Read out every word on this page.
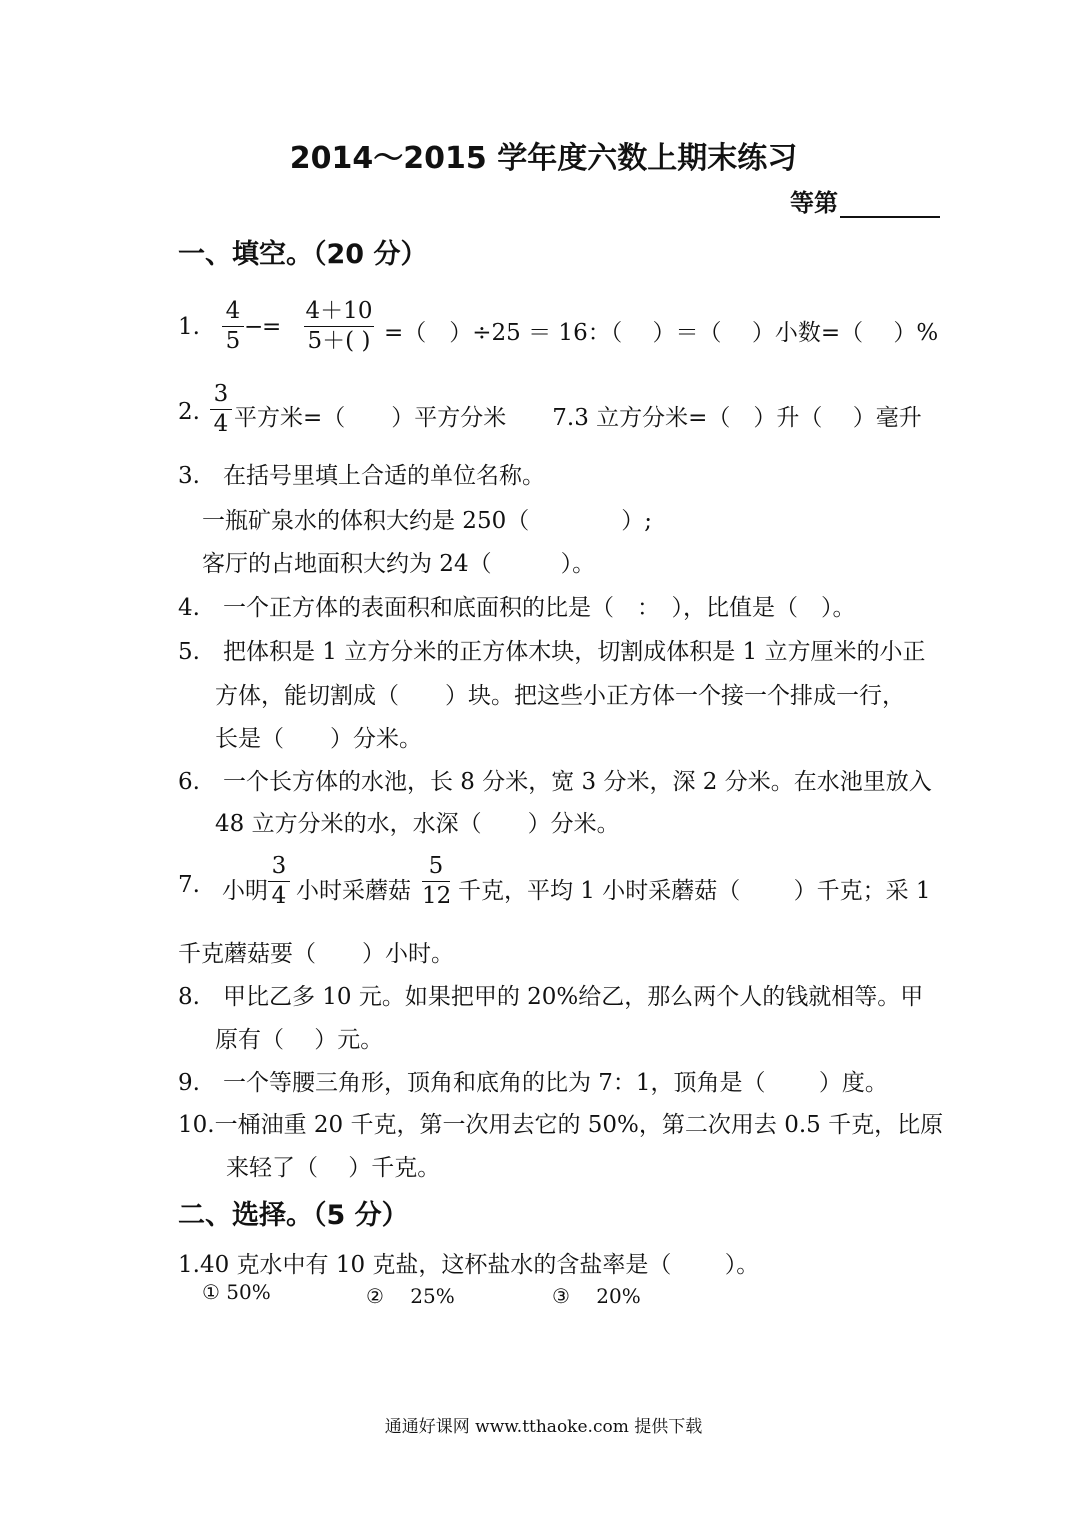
2014～2015 学年度六数上期末练习
等第
一、填空。（20 分）
1.
4
5
−
=
4＋10
5＋( ) =（　）÷25 ＝ 16：（　 ）＝（　 ）小数=（　 ）%
2.
3
4 平方米=（　　）平方分米　　7.3 立方分米=（　）升（　 ）毫升
3.　在括号里填上合适的单位名称。
一瓶矿泉水的体积大约是 250（　　　　）;
客厅的占地面积大约为 24（　　　）。
4.　一个正方体的表面积和底面积的比是（　：　），比值是（　）。
5.　把体积是 1 立方分米的正方体木块，切割成体积是 1 立方厘米的小正
方体，能切割成（　　）块。把这些小正方体一个接一个排成一行，
长是（　　）分米。
6.　一个长方体的水池，长 8 分米，宽 3 分米，深 2 分米。在水池里放入
48 立方分米的水，水深（　　）分米。
7. 小明
3
4 小时采蘑菇
5
12 千克，平均 1 小时采蘑菇（　　 ）千克；采 1
千克蘑菇要（　　）小时。
8.　甲比乙多 10 元。如果把甲的 20%给乙，那么两个人的钱就相等。甲
原有（　 ）元。
9.　一个等腰三角形，顶角和底角的比为 7：1，顶角是（　　 ）度。
10.一桶油重 20 千克，第一次用去它的 50%，第二次用去 0.5 千克，比原
来轻了（　 ）千克。
二、选择。（5 分）
1.40 克水中有 10 克盐，这杯盐水的含盐率是（　　 ）。
① 50%	② 　25%	③ 　20%
通通好课网 www.tthaoke.com 提供下载
